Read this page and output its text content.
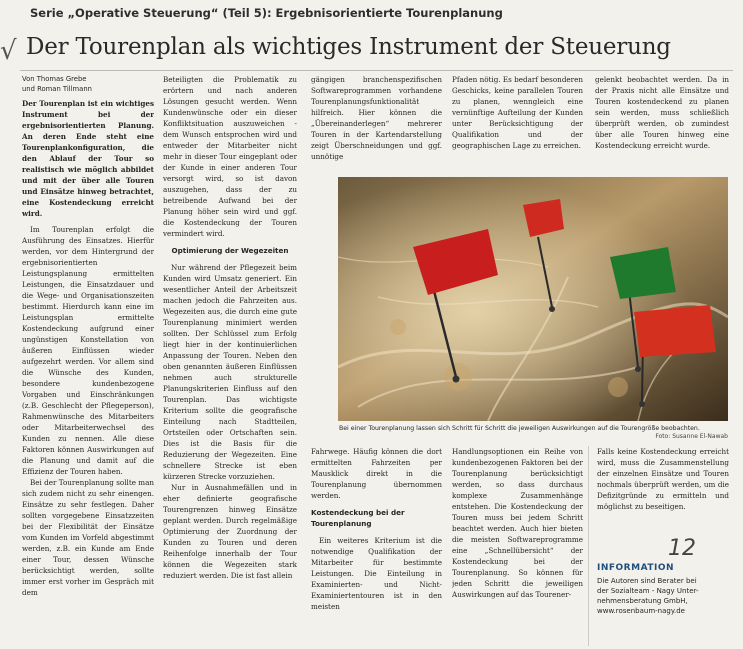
√
Serie „Operative Steuerung“ (Teil 5): Ergebnisorientierte Tourenplanung
Der Tourenplan als wichtiges Instrument der Steuerung
Von Thomas Grebe
und Roman Tillmann

Der Tourenplan ist ein wichtiges Instrument bei der ergebnisorientierten Planung. An deren Ende steht eine Tourenplankonfiguration, die den Ablauf der Tour so realistisch wie möglich abbildet und mit der über alle Touren und Einsätze hinweg betrachtet, eine Kostendeckung erreicht wird.

Im Tourenplan erfolgt die Ausführung des Einsatzes. Hierfür werden, vor dem Hintergrund der ergebnisorientierten Leistungsplanung ermittelten Leistungen, die Einsatzdauer und die Wege- und Organisationszeiten bestimmt. Hierdurch kann eine im Leistungsplan ermittelte Kostendeckung aufgrund einer ungünstigen Konstellation von äußeren Einflüssen wieder aufgezehrt werden. Vor allem sind die Wünsche des Kunden, besondere kundenbezogene Vorgaben und Einschränkungen (z.B. Geschlecht der Pflegeperson), Rahmenwünsche des Mitarbeiters oder Mitarbeiterwechsel des Kunden zu nennen. Alle diese Faktoren können Auswirkungen auf die Planung und damit auf die Effizienz der Touren haben.

Bei der Tourenplanung sollte man sich zudem nicht zu sehr einengen. Einsätze zu sehr festlegen. Daher sollten vorgegebene Einsatzzeiten bei der Flexibilität der Einsätze vom Kunden im Vorfeld abgestimmt werden, z.B. ein Kunde am Ende einer Tour, dessen Wünsche berücksichtigt werden, sollte immer erst vorher im Gespräch mit dem

Beteiligten die Problematik zu erörtern und nach anderen Lösungen gesucht werden. Wenn Kundenwünsche oder ein dieser Konfliktsituation auszuweichen - dem Wunsch entsprochen wird und entweder der Mitarbeiter nicht mehr in dieser Tour eingeplant oder der Kunde in einer anderen Tour versorgt wird, so ist davon auszugehen, dass der zu betreibende Aufwand bei der Planung höher sein wird und ggf. die Kostendeckung der Touren vermindert wird.

Optimierung der Wegezeiten

Nur während der Pflegezeit beim Kunden wird Umsatz generiert. Ein wesentlicher Anteil der Arbeitszeit machen jedoch die Fahrzeiten aus. Wegezeiten aus, die durch eine gute Tourenplanung minimiert werden sollten. Der Schlüssel zum Erfolg liegt hier in der kontinuierlichen Anpassung der Touren. Neben den oben genannten äußeren Einflüssen nehmen auch strukturelle Planungskriterien Einfluss auf den Tourenplan. Das wichtigste Kriterium sollte die geografische Einteilung nach Stadtteilen, Ortsteilen oder Ortschaften sein. Dies ist die Basis für die Reduzierung der Wegezeiten. Eine schnellere Strecke ist eben kürzeren Strecke vorzuziehen.

Nur in Ausnahmefällen und in eher definierte geografische Tourengrenzen hinweg Einsätze geplant werden. Durch regelmäßige Optimierung der Zuordnung der Kunden zu Touren und deren Reihenfolge innerhalb der Tour können die Wegezeiten stark reduziert werden. Die ist fast allein

gängigen branchenspezifischen Softwareprogrammen vorhandene Tourenplanungsfunktionalität hilfreich. Hier können die „Übereinanderlegen“ mehrerer Touren in der Kartendarstellung zeigt Überschneidungen und ggf. unnötige

Pfaden nötig. Es bedarf besonderen Geschicks, keine parallelen Touren zu planen, wenngleich eine vernünftige Aufteilung der Kunden unter Berücksichtigung der Qualifikation und der geographischen Lage zu erreichen.

gelenkt beobachtet werden. Da in der Praxis nicht alle Einsätze und Touren kostendeckend zu planen sein werden, muss schließlich überprüft werden, ob zumindest über alle Touren hinweg eine Kostendeckung erreicht wurde.

Bei einer Tourenplanung lassen sich Schritt für Schritt die jeweiligen Auswirkungen auf die Tourengröße beobachten.
Foto: Susanne El-Nawab

Fahrwege. Häufig können die dort ermittelten Fahrzeiten per Mausklick direkt in die Tourenplanung übernommen werden.

Kostendeckung bei der Tourenplanung

Ein weiteres Kriterium ist die notwendige Qualifikation der Mitarbeiter für bestimmte Leistungen. Die Einteilung in Examinierten- und Nicht-Examiniertentouren ist in den meisten

Handlungsoptionen ein Reihe von kundenbezogenen Faktoren bei der Tourenplanung berücksichtigt werden, so dass durchaus komplexe Zusammenhänge entstehen. Die Kostendeckung der Touren muss bei jedem Schritt beachtet werden. Auch hier bieten die meisten Softwareprogramme eine „Schnellübersicht“ der Kostendeckung bei der Tourenplanung. So können für jeden Schritt die jeweiligen Auswirkungen auf das Tourener-

Falls keine Kostendeckung erreicht wird, muss die Zusammenstellung der einzelnen Einsätze und Touren nochmals überprüft werden, um die Defizitgründe zu ermitteln und möglichst zu beseitigen.

12
INFORMATION
Die Autoren sind Berater bei
der Sozialteam - Nagy Unter-
nehmensberatung GmbH,
www.rosenbaum-nagy.de
